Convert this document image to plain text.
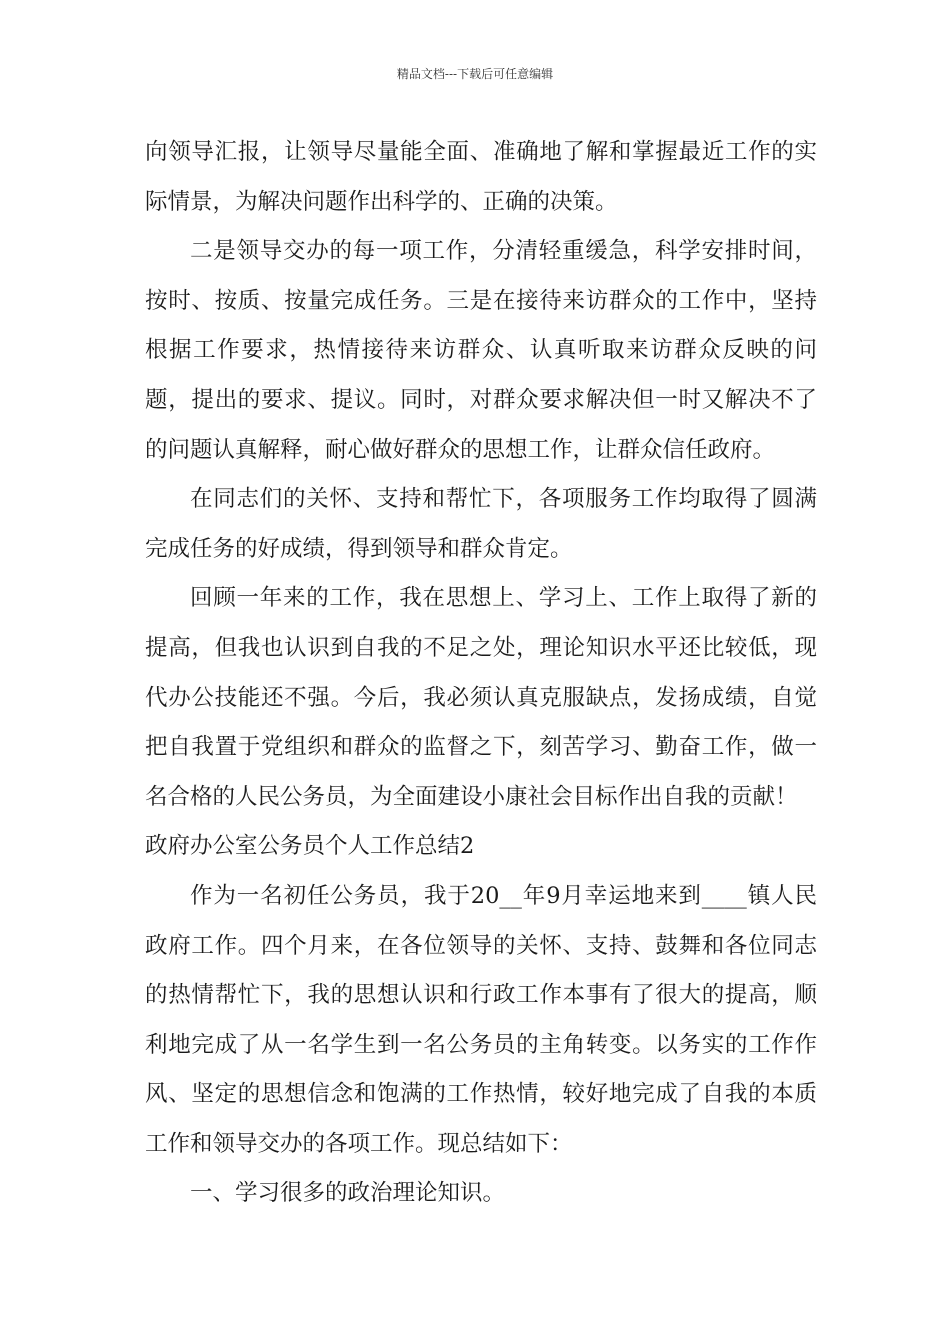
精品文档---下载后可任意编辑

向领导汇报，让领导尽量能全面、准确地了解和掌握最近工作的实际情景，为解决问题作出科学的、正确的决策。

二是领导交办的每一项工作，分清轻重缓急，科学安排时间，按时、按质、按量完成任务。三是在接待来访群众的工作中，坚持根据工作要求，热情接待来访群众、认真听取来访群众反映的问题，提出的要求、提议。同时，对群众要求解决但一时又解决不了的问题认真解释，耐心做好群众的思想工作，让群众信任政府。

在同志们的关怀、支持和帮忙下，各项服务工作均取得了圆满完成任务的好成绩，得到领导和群众肯定。

回顾一年来的工作，我在思想上、学习上、工作上取得了新的提高，但我也认识到自我的不足之处，理论知识水平还比较低，现代办公技能还不强。今后，我必须认真克服缺点，发扬成绩，自觉把自我置于党组织和群众的监督之下，刻苦学习、勤奋工作，做一名合格的人民公务员，为全面建设小康社会目标作出自我的贡献！

政府办公室公务员个人工作总结2

作为一名初任公务员，我于20__年9月幸运地来到____镇人民政府工作。四个月来，在各位领导的关怀、支持、鼓舞和各位同志的热情帮忙下，我的思想认识和行政工作本事有了很大的提高，顺利地完成了从一名学生到一名公务员的主角转变。以务实的工作作风、坚定的思想信念和饱满的工作热情，较好地完成了自我的本质工作和领导交办的各项工作。现总结如下：

一、学习很多的政治理论知识。
